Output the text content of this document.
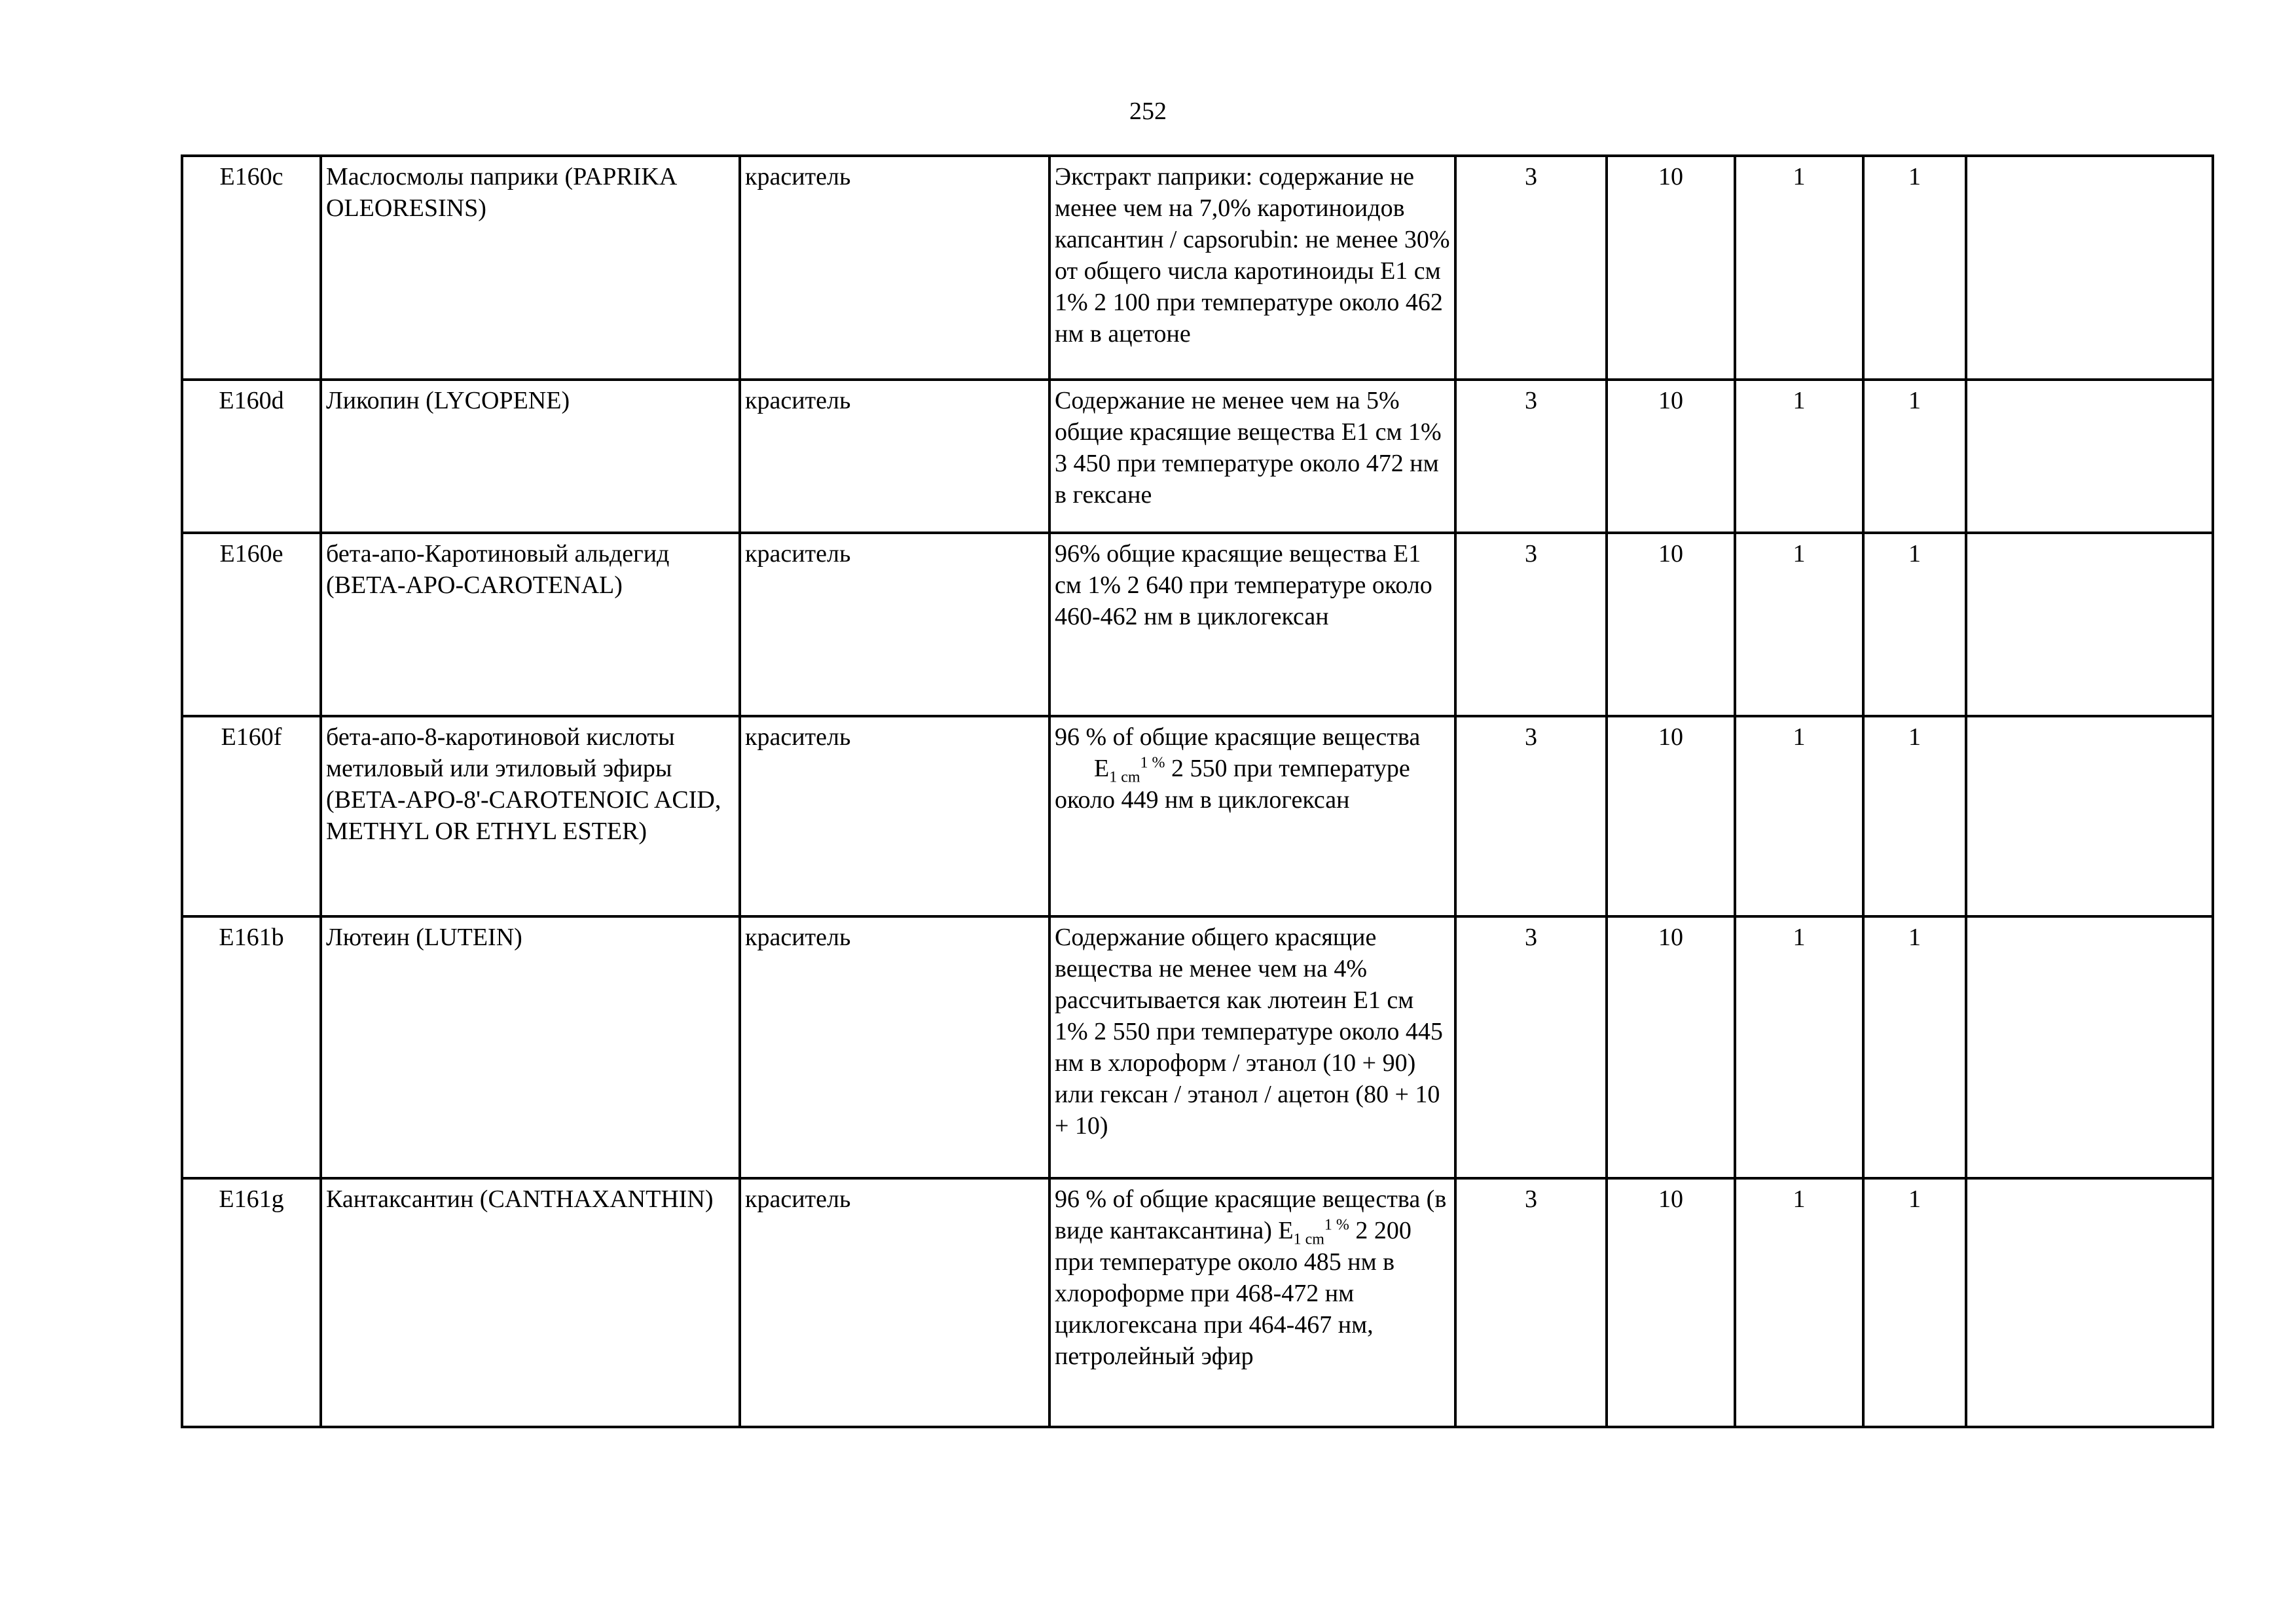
252
E160c	Маслосмолы паприки (PAPRIKA OLEORESINS)	краситель	Экстракт паприки: содержание не менее чем на 7,0% каротиноидов капсантин / capsorubin: не менее 30% от общего числа каротиноиды Е1 см 1% 2 100 при температуре около 462 нм в ацетоне	3	10	1	1	
E160d	Ликопин (LYCOPENE)	краситель	Содержание не менее чем на 5% общие красящие вещества Е1 см 1% 3 450 при температуре около 472 нм в гексане	3	10	1	1	
E160e	бета-апо-Каротиновый альдегид (BETA-APO-CAROTENAL)	краситель	96% общие красящие вещества Е1 см 1% 2 640 при температуре около 460-462 нм в циклогексан	3	10	1	1	
E160f	бета-апо-8-каротиновой кислоты метиловый или этиловый эфиры (BETA-APO-8'-CAROTENOIC ACID, METHYL OR ETHYL ESTER)	краситель	96 % of общие красящие веществаE$_{1 cm}^{1 \%}$ 2 550 при температуре около 449 нм в циклогексан	3	10	1	1	
E161b	Лютеин (LUTEIN)	краситель	Содержание общего красящие вещества не менее чем на 4% рассчитывается как лютеин Е1 см 1% 2 550 при температуре около 445 нм в хлороформ / этанол (10 + 90) или гексан / этанол / ацетон (80 + 10 + 10)	3	10	1	1	
E161g	Кантаксантин (CANTHAXANTHIN)	краситель	96 % of общие красящие вещества (в виде кантаксантина) $E_{1 cm}^{1 \%}$ 2 200 при температуре около 485 нм в хлороформе при 468-472 нм циклогексана при 464-467 нм, петролейный эфир	3	10	1	1	
